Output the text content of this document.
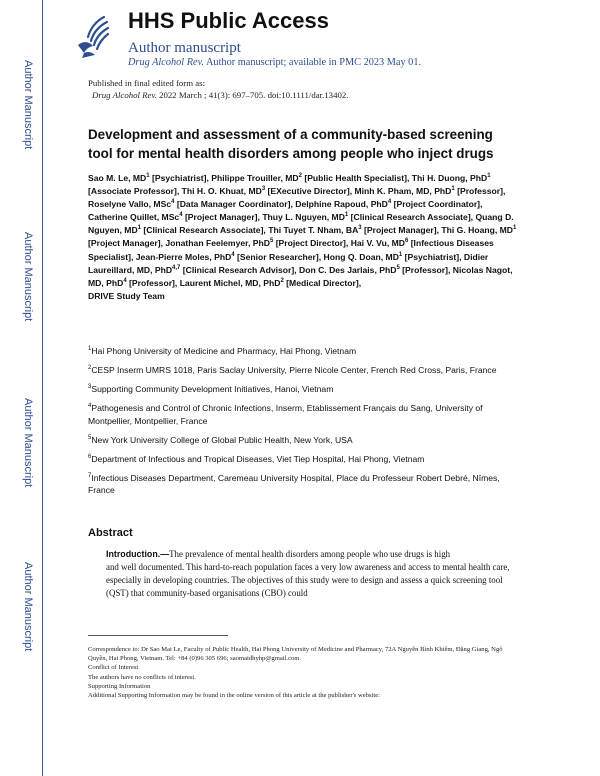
Author Manuscript
Author Manuscript
Author Manuscript
Author Manuscript
HHS Public Access
Author manuscript
Drug Alcohol Rev. Author manuscript; available in PMC 2023 May 01.
Published in final edited form as:
Drug Alcohol Rev. 2022 March ; 41(3): 697–705. doi:10.1111/dar.13402.
Development and assessment of a community-based screening tool for mental health disorders among people who inject drugs
Sao M. Le, $MD^1$ [Psychiatrist], Philippe Trouiller, $MD^2$ [Public Health Specialist], Thi H. Duong, PhD$^1$ [Associate Professor], Thi H. O. Khuat, $MD^3$ [EXecutive Director], Minh K. Pham, MD, PhD$^1$ [Professor], Roselyne Vallo, MSc$^4$ [Data Manager Coordinator], Delphine Rapoud, PhD$^4$ [Project Coordinator], Catherine Quillet, MSc$^4$ [Project Manager], Thuy L. Nguyen, $MD^1$ [Clinical Research Associate], Quang D. Nguyen, $MD^1$ [Clinical Research Associate], Thi Tuyet T. Nham, $BA^3$ [Project Manager], Thi G. Hoang, $MD^1$ [Project Manager], Jonathan Feelemyer, PhD$^5$ [Project Director], Hai V. Vu, $MD^6$ [Infectious Diseases Specialist], Jean-Pierre Moles, PhD$^4$ [Senior Researcher], Hong Q. Doan, $MD^1$ [Psychiatrist], Didier Laureillard, MD, PhD$^{4,7}$ [Clinical Research Advisor], Don C. Des Jarlais, PhD$^5$ [Professor], Nicolas Nagot, MD, PhD$^4$ [Professor], Laurent Michel, MD, PhD$^2$ [Medical Director],
DRIVE Study Team
$^1$Hai Phong University of Medicine and Pharmacy, Hai Phong, Vietnam
$^2$CESP Inserm UMRS 1018, Paris Saclay University, Pierre Nicole Center, French Red Cross, Paris, France
$^3$Supporting Community Development Initiatives, Hanoi, Vietnam
$^4$Pathogenesis and Control of Chronic Infections, Inserm, Etablissement Français du Sang, University of Montpellier, Montpellier, France
$^5$New York University College of Global Public Health, New York, USA
$^6$Department of Infectious and Tropical Diseases, Viet Tiep Hospital, Hai Phong, Vietnam
$^7$Infectious Diseases Department, Caremeau University Hospital, Place du Professeur Robert Debré, Nîmes, France
Abstract
Introduction.—The prevalence of mental health disorders among people who use drugs is high
and well documented. This hard-to-reach population faces a very low awareness and access to mental health care, especially in developing countries. The objectives of this study were to design and assess a quick screening tool (QST) that community-based organisations (CBO) could
Correspondence to: Dr Sao Mai Le, Faculty of Public Health, Hai Phong University of Medicine and Pharmacy, 72A Nguyễn Bỉnh Khiêm, Đằng Giang, Ngô Quyền, Hai Phong, Vietnam. Tel: +84 (0)96 305 696; saomaidhyhp@gmail.com.
Conflict of Interest
The authors have no conflicts of interest.
Supporting Information
Additional Supporting Information may be found in the online version of this article at the publisher's website:
